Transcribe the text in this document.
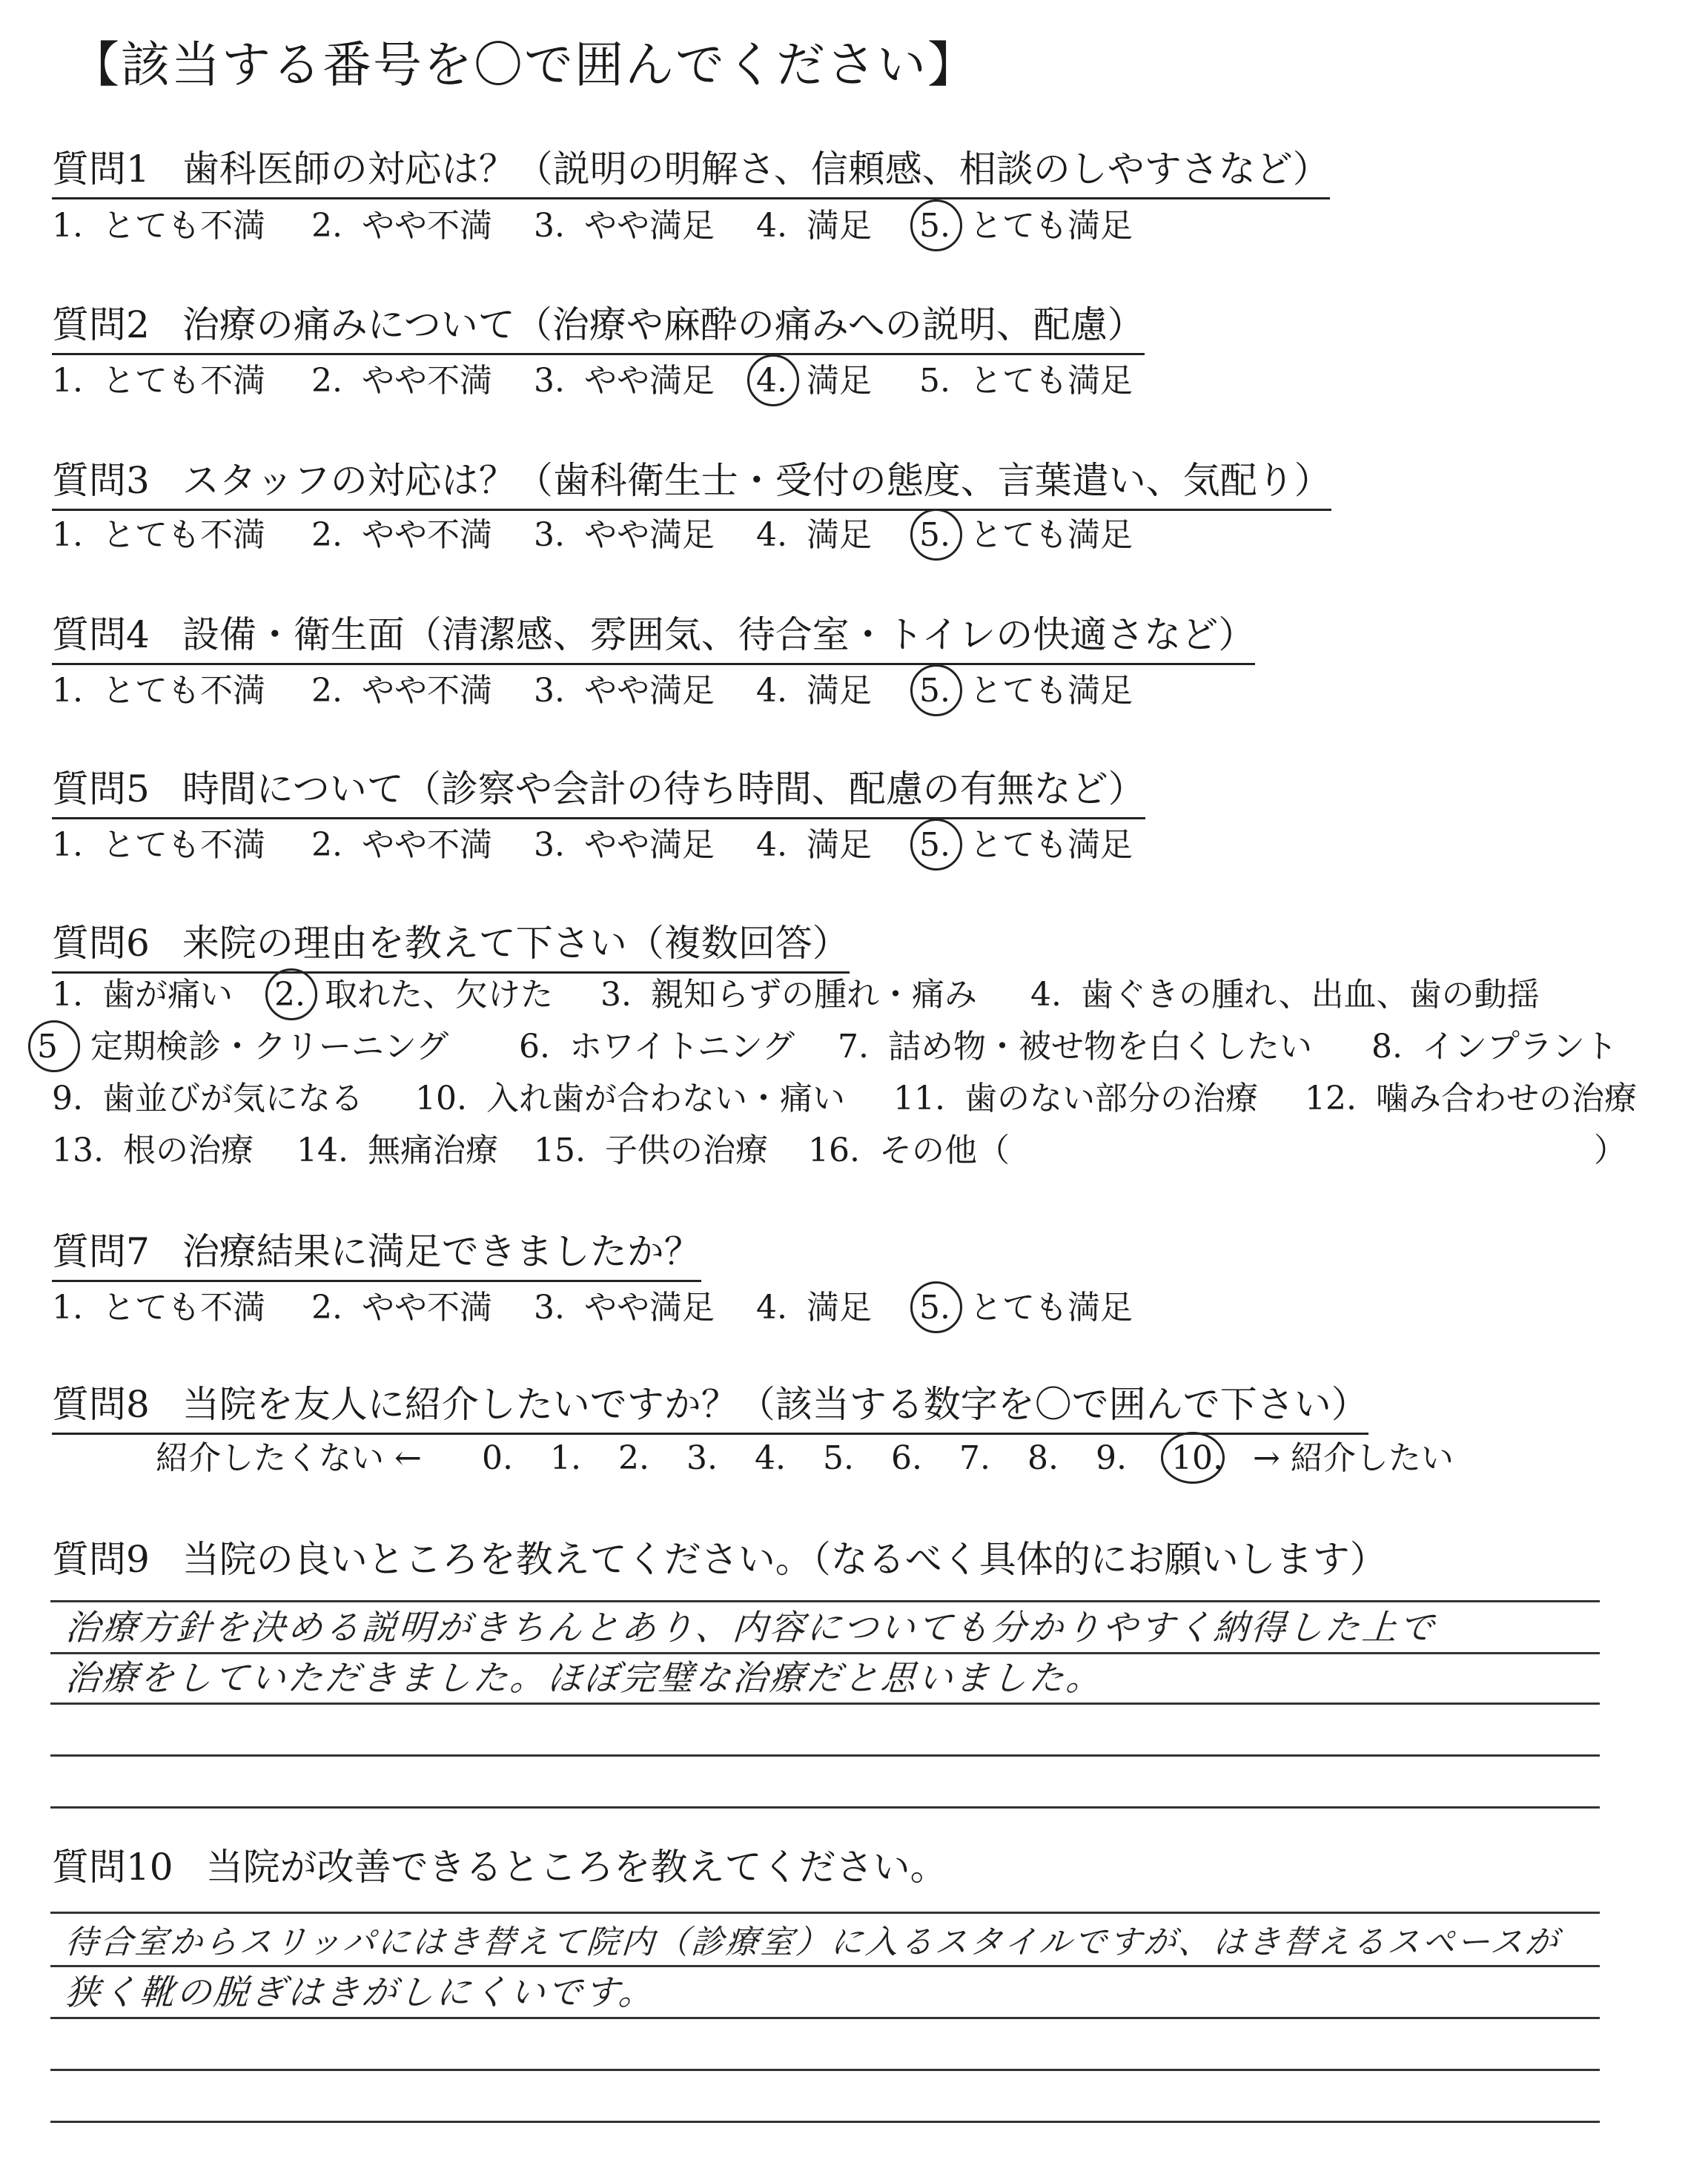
【該当する番号を〇で囲んでください】
質問1 歯科医師の対応は？（説明の明解さ、信頼感、相談のしやすさなど）
1. とても不満 2. やや不満 3. やや満足 4. 満足 5. とても満足
質問2 治療の痛みについて（治療や麻酔の痛みへの説明、配慮）
1. とても不満 2. やや不満 3. やや満足 4. 満足 5. とても満足
質問3 スタッフの対応は？（歯科衛生士・受付の態度、言葉遣い、気配り）
1. とても不満 2. やや不満 3. やや満足 4. 満足 5. とても満足
質問4 設備・衛生面（清潔感、雰囲気、待合室・トイレの快適さなど）
1. とても不満 2. やや不満 3. やや満足 4. 満足 5. とても満足
質問5 時間について（診察や会計の待ち時間、配慮の有無など）
1. とても不満 2. やや不満 3. やや満足 4. 満足 5. とても満足
質問6 来院の理由を教えて下さい（複数回答）
1. 歯が痛い 2. 取れた、欠けた 3. 親知らずの腫れ・痛み 4. 歯ぐきの腫れ、出血、歯の動揺
5 定期検診・クリーニング 6. ホワイトニング 7. 詰め物・被せ物を白くしたい 8. インプラント
9. 歯並びが気になる 10. 入れ歯が合わない・痛い 11. 歯のない部分の治療 12. 噛み合わせの治療
13. 根の治療 14. 無痛治療 15. 子供の治療 16. その他（	）
質問7 治療結果に満足できましたか？
1. とても不満 2. やや不満 3. やや満足 4. 満足 5. とても満足
質問8 当院を友人に紹介したいですか？（該当する数字を〇で囲んで下さい）
紹介したくない ← 0. 1. 2. 3. 4. 5. 6. 7. 8. 9. 10. → 紹介したい
質問9 当院の良いところを教えてください。（なるべく具体的にお願いします）
治療方針を決める説明がきちんとあり、内容についても分かりやすく納得した上で
治療をしていただきました。ほぼ完璧な治療だと思いました。
質問10 当院が改善できるところを教えてください。
待合室からスリッパにはき替えて院内（診療室）に入るスタイルですが、はき替えるスペースが
狭く靴の脱ぎはきがしにくいです。
